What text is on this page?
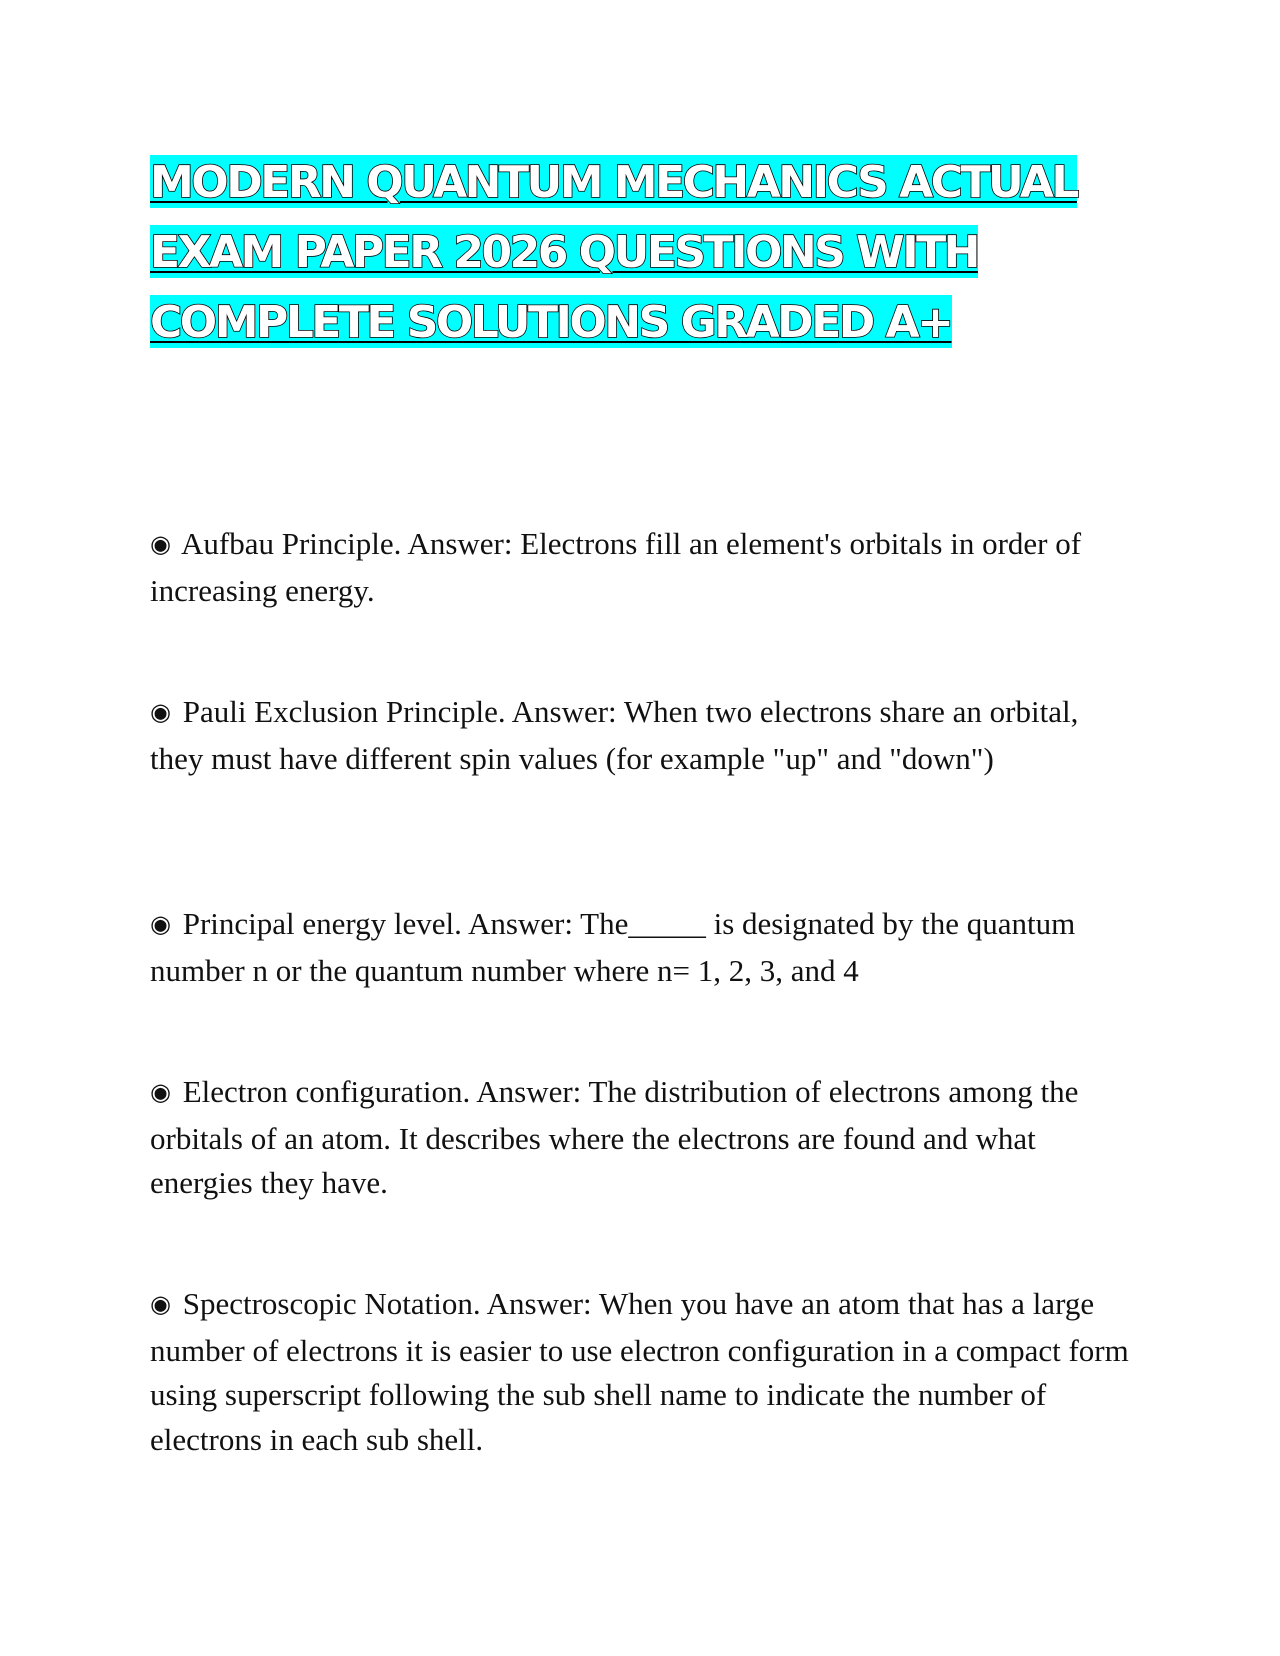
MODERN QUANTUM MECHANICS ACTUAL
EXAM PAPER 2026 QUESTIONS WITH
COMPLETE SOLUTIONS GRADED A+

◉ Aufbau Principle. Answer: Electrons fill an element's orbitals in order of increasing energy.

◉ Pauli Exclusion Principle. Answer: When two electrons share an orbital, they must have different spin values (for example "up" and "down")

◉ Principal energy level. Answer: The_____ is designated by the quantum number n or the quantum number where n= 1, 2, 3, and 4

◉ Electron configuration. Answer: The distribution of electrons among the orbitals of an atom. It describes where the electrons are found and what energies they have.

◉ Spectroscopic Notation. Answer: When you have an atom that has a large number of electrons it is easier to use electron configuration in a compact form using superscript following the sub shell name to indicate the number of electrons in each sub shell.
